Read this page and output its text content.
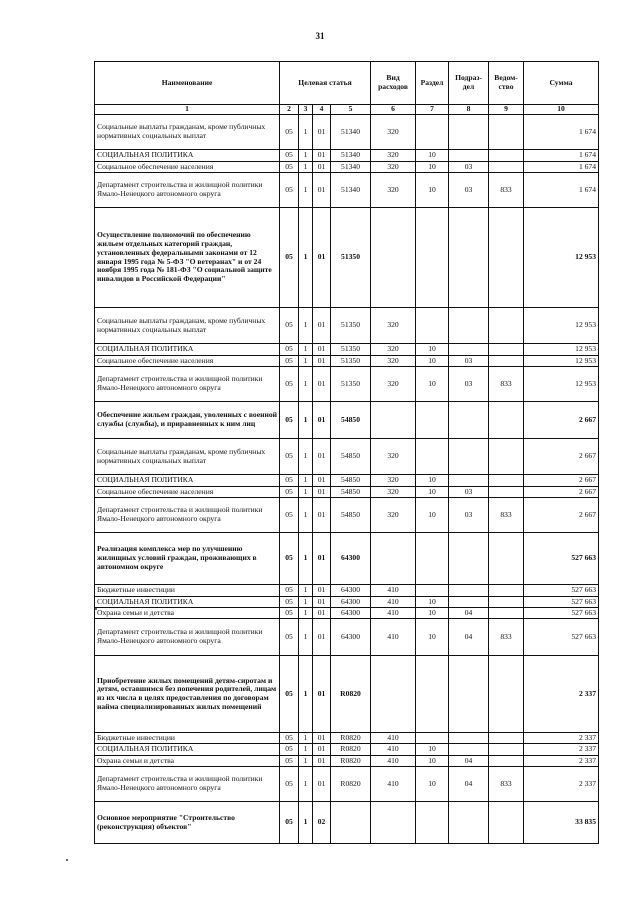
31
Наименование	Целевая статья				Вид расходов	Раздел	Подраз-дел	Ведом-ство	Сумма
1	2	3	4	5	6	7	8	9	10
Социальные выплаты гражданам, кроме публичных нормативных социальных выплат	05	1	01	51340	320				1 674
СОЦИАЛЬНАЯ ПОЛИТИКА	05	1	01	51340	320	10			1 674
Социальное обеспечение населения	05	1	01	51340	320	10	03		1 674
Департамент строительства и жилищной политики Ямало-Ненецкого автономного округа	05	1	01	51340	320	10	03	833	1 674
Осуществление полномочий по обеспечению жильем отдельных категорий граждан, установленных федеральными законами от 12 января 1995 года № 5-ФЗ "О ветеранах" и от 24 ноября 1995 года № 181-ФЗ "О социальной защите инвалидов в Российской Федерации"	05	1	01	51350					12 953
Социальные выплаты гражданам, кроме публичных нормативных социальных выплат	05	1	01	51350	320				12 953
СОЦИАЛЬНАЯ ПОЛИТИКА	05	1	01	51350	320	10			12 953
Социальное обеспечение населения	05	1	01	51350	320	10	03		12 953
Департамент строительства и жилищной политики Ямало-Ненецкого автономного округа	05	1	01	51350	320	10	03	833	12 953
Обеспечение жильем граждан, уволенных с военной службы (службы), и приравненных к ним лиц	05	1	01	54850					2 667
Социальные выплаты гражданам, кроме публичных нормативных социальных выплат	05	1	01	54850	320				2 667
СОЦИАЛЬНАЯ ПОЛИТИКА	05	1	01	54850	320	10			2 667
Социальное обеспечение населения	05	1	01	54850	320	10	03		2 667
Департамент строительства и жилищной политики Ямало-Ненецкого автономного округа	05	1	01	54850	320	10	03	833	2 667
Реализация комплекса мер по улучшению жилищных условий граждан, проживающих в автономном округе	05	1	01	64300					527 663
Бюджетные инвестиции	05	1	01	64300	410				527 663
СОЦИАЛЬНАЯ ПОЛИТИКА	05	1	01	64300	410	10			527 663
Охрана семьи и детства	05	1	01	64300	410	10	04		527 663
Департамент строительства и жилищной политики Ямало-Ненецкого автономного округа	05	1	01	64300	410	10	04	833	527 663
Приобретение жилых помещений детям-сиротам и детям, оставшимся без попечения родителей, лицам из их числа в целях предоставления по договорам найма специализированных жилых помещений	05	1	01	R0820					2 337
Бюджетные инвестиции	05	1	01	R0820	410				2 337
СОЦИАЛЬНАЯ ПОЛИТИКА	05	1	01	R0820	410	10			2 337
Охрана семьи и детства	05	1	01	R0820	410	10	04		2 337
Департамент строительства и жилищной политики Ямало-Ненецкого автономного округа	05	1	01	R0820	410	10	04	833	2 337
Основное мероприятие "Строительство (реконструкция) объектов"	05	1	02						33 835
